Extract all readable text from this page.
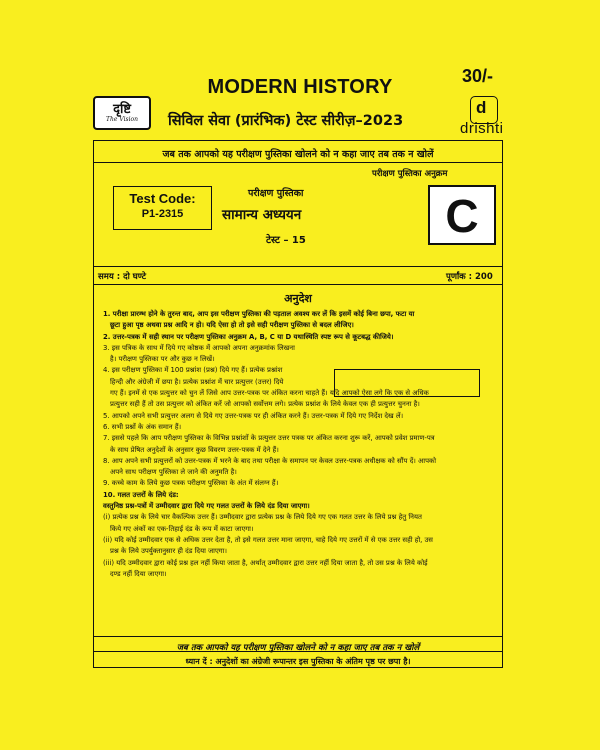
MODERN HISTORY	30/-
d
drishti
दृष्टि
The Vision	सिविल सेवा (प्रारंभिक) टेस्ट सीरीज़–2023
जब तक आपको यह परीक्षण पुस्तिका खोलने को न कहा जाए तब तक न खोलें
परीक्षण पुस्तिका अनुक्रम
Test Code:
P1-2315
परीक्षण पुस्तिका
सामान्य अध्ययन
टेस्ट – 15	C
समय : दो घण्टे	पूर्णांक : 200
अनुदेश

1. परीक्षा प्रारम्भ होने के तुरन्त बाद, आप इस परीक्षण पुस्तिका की पड़ताल अवश्य कर लें कि इसमें कोई बिना छपा, फटा या

छूटा हुआ पृष्ठ अथवा प्रश्न आदि न हो। यदि ऐसा हो तो इसे सही परीक्षण पुस्तिका से बदल लीजिए।

2. उत्तर-पत्रक में सही स्थान पर परीक्षण पुस्तिका अनुक्रम A, B, C या D यथास्थिति स्पष्ट रूप से कूटबद्ध कीजिये।

3. इस पत्रिक के साथ में दिये गए कोष्ठक में आपको अपना अनुक्रमांक लिखना

है। परीक्षण पुस्तिका पर और कुछ न लिखें।

4. इस परीक्षण पुस्तिका में 100 प्रश्नांश (प्रश्न) दिये गए हैं। प्रत्येक प्रश्नांश

हिन्दी और अंग्रेजी में छपा है। प्रत्येक प्रश्नांश में चार प्रत्युत्तर (उत्तर) दिये

गए हैं। इनमें से एक प्रत्युत्तर को चुन लें जिसे आप उत्तर-पत्रक पर अंकित करना चाहते हैं। यदि आपको ऐसा लगे कि एक से अधिक

प्रत्युत्तर सही हैं तो उस प्रत्युत्तर को अंकित करें जो आपको सर्वोत्तम लगे। प्रत्येक प्रश्नांश के लिये केवल एक ही प्रत्युत्तर चुनना है।

5. आपको अपने सभी प्रत्युत्तर अलग से दिये गए उत्तर-पत्रक पर ही अंकित करने हैं। उत्तर-पत्रक में दिये गए निर्देश देख लें।

6. सभी प्रश्नों के अंक समान हैं।

7. इससे पहले कि आप परीक्षण पुस्तिका के विभिन्न प्रश्नांशों के प्रत्युत्तर उत्तर पत्रक पर अंकित करना शुरू करें, आपको प्रवेश प्रमाण-पत्र

के साथ प्रेषित अनुदेशों के अनुसार कुछ विवरण उत्तर-पत्रक में देने हैं।

8. आप अपने सभी प्रत्युत्तरों को उत्तर-पत्रक में भरने के बाद तथा परीक्षा के समापन पर केवल उत्तर-पत्रक अधीक्षक को सौंप दें। आपको

अपने साथ परीक्षण पुस्तिका ले जाने की अनुमति है।

9. कच्चे काम के लिये कुछ पत्रक परीक्षण पुस्तिका के अंत में संलग्न हैं।

10. गलत उत्तरों के लिये दंड:

वस्तुनिष्ठ प्रश्न-पत्रों में उम्मीदवार द्वारा दिये गए गलत उत्तरों के लिये दंड दिया जाएगा।

(i) प्रत्येक प्रश्न के लिये चार वैकल्पिक उत्तर हैं। उम्मीदवार द्वारा प्रत्येक प्रश्न के लिये दिये गए एक गलत उत्तर के लिये प्रश्न हेतु नियत

किये गए अंकों का एक-तिहाई दंड के रूप में काटा जाएगा।

(ii) यदि कोई उम्मीदवार एक से अधिक उत्तर देता है, तो इसे गलत उत्तर माना जाएगा, चाहे दिये गए उत्तरों में से एक उत्तर सही हो, उस

प्रश्न के लिये उपर्युक्तानुसार ही दंड दिया जाएगा।

(iii) यदि उम्मीदवार द्वारा कोई प्रश्न हल नहीं किया जाता है, अर्थात् उम्मीदवार द्वारा उत्तर नहीं दिया जाता है, तो उस प्रश्न के लिये कोई

दण्ड नहीं दिया जाएगा।

जब तक आपको यह परीक्षण पुस्तिका खोलने को न कहा जाए तब तक न खोलें
ध्यान दें : अनुदेशों का अंग्रेजी रूपान्तर इस पुस्तिका के अंतिम पृष्ठ पर छपा है।
